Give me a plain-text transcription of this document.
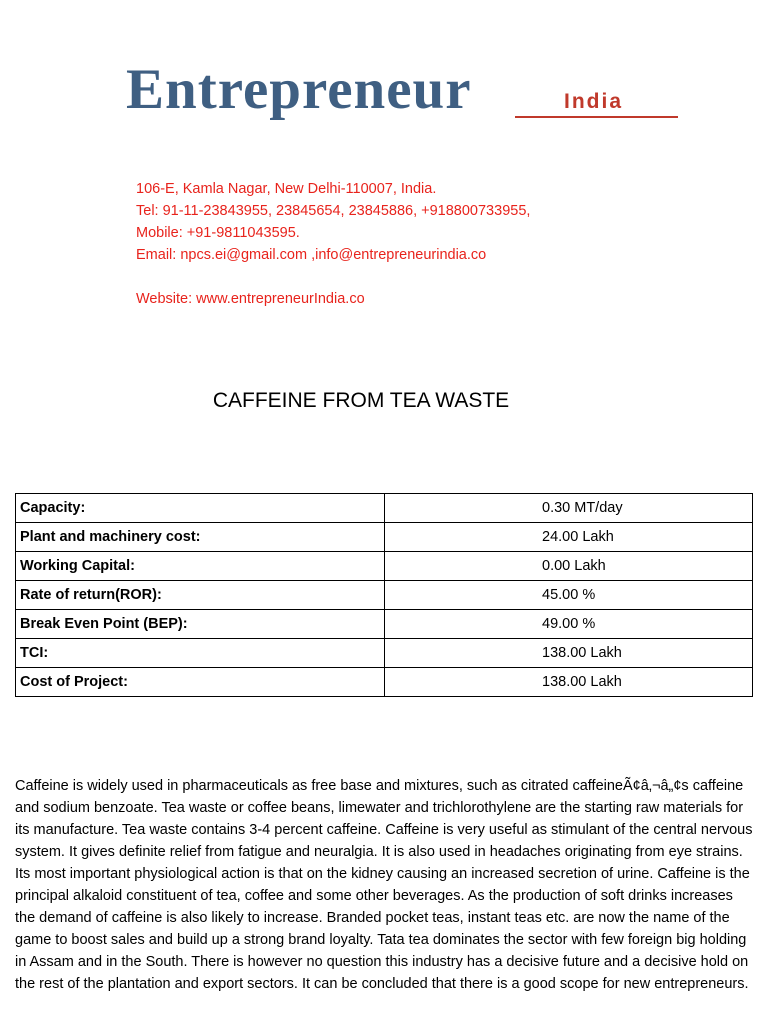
Entrepreneur	India
106-E, Kamla Nagar, New Delhi-110007, India.
Tel: 91-11-23843955, 23845654, 23845886, +918800733955,
Mobile: +91-9811043595.
Email: npcs.ei@gmail.com ,info@entrepreneurindia.co
Website: www.entrepreneurIndia.co
CAFFEINE FROM TEA WASTE
Capacity:	0.30 MT/day
Plant and machinery cost:	24.00 Lakh
Working Capital:	0.00 Lakh
Rate of return(ROR):	45.00 %
Break Even Point (BEP):	49.00 %
TCI:	138.00 Lakh
Cost of Project:	138.00 Lakh

Caffeine is widely used in pharmaceuticals as free base and mixtures, such as citrated caffeineÃ¢â‚¬â„¢s caffeine and sodium benzoate. Tea waste or coffee beans, limewater and trichlorothylene are the starting raw materials for its manufacture. Tea waste contains 3-4 percent caffeine. Caffeine is very useful as stimulant of the central nervous system. It gives definite relief from fatigue and neuralgia. It is also used in headaches originating from eye strains. Its most important physiological action is that on the kidney causing an increased secretion of urine. Caffeine is the principal alkaloid constituent of tea, coffee and some other beverages. As the production of soft drinks increases the demand of caffeine is also likely to increase. Branded pocket teas, instant teas etc. are now the name of the game to boost sales and build up a strong brand loyalty. Tata tea dominates the sector with few foreign big holding in Assam and in the South. There is however no question this industry has a decisive future and a decisive hold on the rest of the plantation and export sectors. It can be concluded that there is a good scope for new entrepreneurs.
